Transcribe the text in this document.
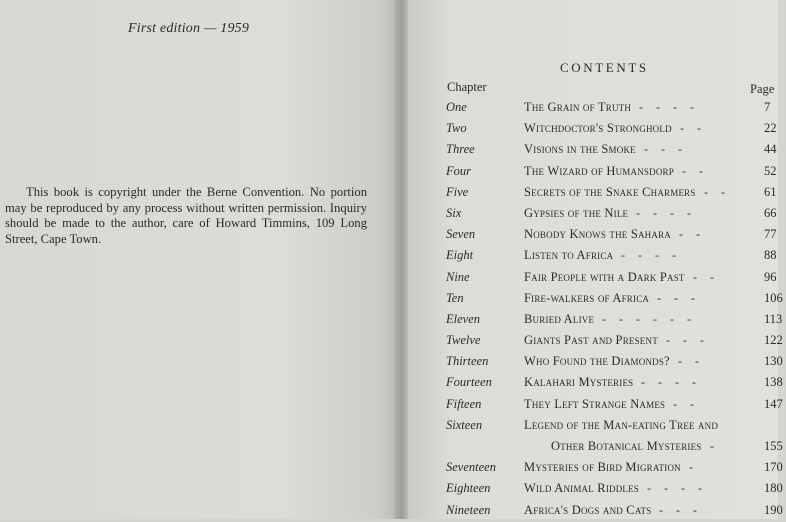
First edition — 1959
This book is copyright under the Berne Convention. No portion may be reproduced by any process without written permission. Inquiry should be made to the author, care of Howard Timmins, 109 Long Street, Cape Town.
CONTENTS
Chapter	Page
One	The Grain of Truth - - - -	7
Two	Witchdoctor's Stronghold - -	22
Three	Visions in the Smoke - - -	44
Four	The Wizard of Humansdorp - -	52
Five	Secrets of the Snake Charmers - -	61
Six	Gypsies of the Nile - - - -	66
Seven	Nobody Knows the Sahara - -	77
Eight	Listen to Africa - - - -	88
Nine	Fair People with a Dark Past - -	96
Ten	Fire-walkers of Africa - - -	106
Eleven	Buried Alive - - - - - -	113
Twelve	Giants Past and Present - - -	122
Thirteen	Who Found the Diamonds? - -	130
Fourteen	Kalahari Mysteries - - - -	138
Fifteen	They Left Strange Names - -	147
Sixteen	Legend of the Man-eating Tree and
Other Botanical Mysteries -	155
Seventeen Mysteries of Bird Migration -	170
Eighteen	Wild Animal Riddles - - - -	180
Nineteen	Africa's Dogs and Cats - - -	190
